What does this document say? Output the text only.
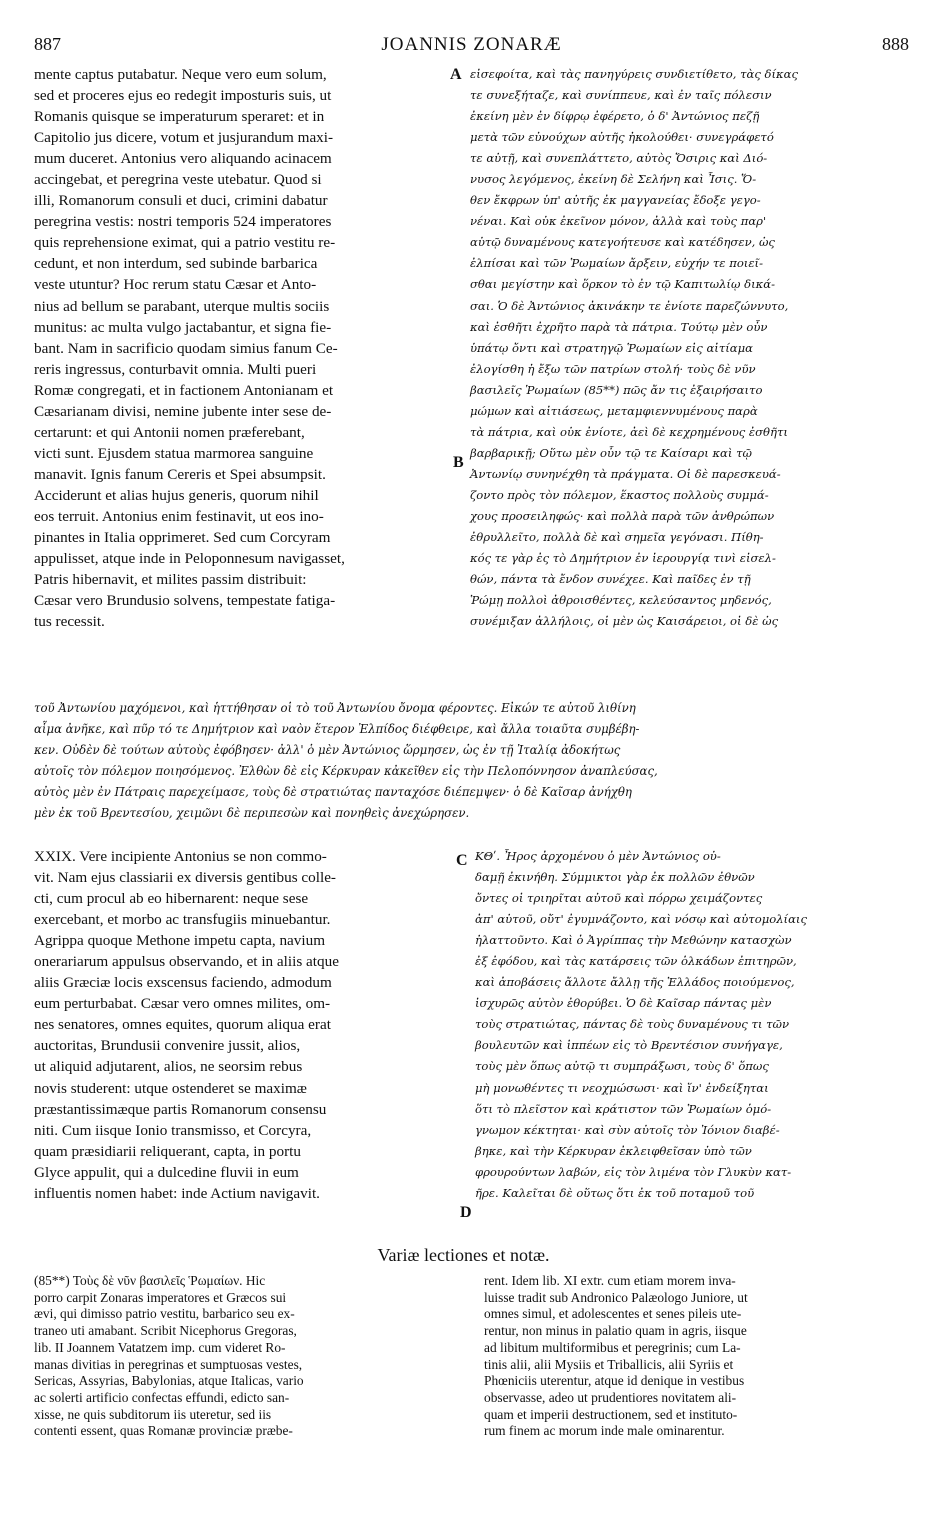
887	JOANNIS ZONARÆ	888
mente captus putabatur. Neque vero eum solum,
sed et proceres ejus eo redegit imposturis suis, ut
Romanis quisque se imperaturum speraret: et in
Capitolio jus dicere, votum et jusjurandum maxi-
mum duceret. Antonius vero aliquando acinacem
accingebat, et peregrina veste utebatur. Quod si
illi, Romanorum consuli et duci, crimini dabatur
peregrina vestis: nostri temporis 524 imperatores
quis reprehensione eximat, qui a patrio vestitu re-
cedunt, et non interdum, sed subinde barbarica
veste utuntur? Hoc rerum statu Cæsar et Anto-
nius ad bellum se parabant, uterque multis sociis
munitus: ac multa vulgo jactabantur, et signa fie-
bant. Nam in sacrificio quodam simius fanum Ce-
reris ingressus, conturbavit omnia. Multi pueri
Romæ congregati, et in factionem Antonianam et
Cæsarianam divisi, nemine jubente inter sese de-
certarunt: et qui Antonii nomen præferebant,
victi sunt. Ejusdem statua marmorea sanguine
manavit. Ignis fanum Cereris et Spei absumpsit.
Acciderunt et alias hujus generis, quorum nihil
eos terruit. Antonius enim festinavit, ut eos ino-
pinantes in Italia opprimeret. Sed cum Corcyram
appulisset, atque inde in Peloponnesum navigasset,
Patris hibernavit, et milites passim distribuit:
Cæsar vero Brundusio solvens, tempestate fatiga-
tus recessit.
A εἰσεφοίτα, καὶ τὰς πανηγύρεις συνδιετίθετο, τὰς δίκας
τε συνεξήταζε, καὶ συνίππευε, καὶ ἐν ταῖς πόλεσιν
ἐκείνη μὲν ἐν δίφρῳ ἐφέρετο, ὁ δ' Ἀντώνιος πεζῇ
μετὰ τῶν εὐνούχων αὐτῆς ἠκολούθει· συνεγράφετό
τε αὐτῇ, καὶ συνεπλάττετο, αὐτὸς Ὄσιρις καὶ Διό-
νυσος λεγόμενος, ἐκείνη δὲ Σελήνη καὶ Ἶσις. Ὅ-
θεν ἔκφρων ὑπ' αὐτῆς ἐκ μαγγανείας ἔδοξε γεγο-
νέναι. Καὶ οὐκ ἐκεῖνον μόνον, ἀλλὰ καὶ τοὺς παρ'
αὐτῷ δυναμένους κατεγοήτευσε καὶ κατέδησεν, ὡς
ἐλπίσαι καὶ τῶν Ῥωμαίων ἄρξειν, εὐχήν τε ποιεῖ-
σθαι μεγίστην καὶ ὅρκον τὸ ἐν τῷ Καπιτωλίῳ δικά-
σαι. Ὁ δὲ Ἀντώνιος ἀκινάκην τε ἐνίοτε παρεζώννυτο,
καὶ ἐσθῆτι ἐχρῆτο παρὰ τὰ πάτρια. Τούτῳ μὲν οὖν
ὑπάτῳ ὄντι καὶ στρατηγῷ Ῥωμαίων εἰς αἰτίαμα
ἐλογίσθη ἡ ἔξω τῶν πατρίων στολή· τοὺς δὲ νῦν
βασιλεῖς Ῥωμαίων (85**) πῶς ἄν τις ἐξαιρήσαιτο
μώμων καὶ αἰτιάσεως, μεταμφιεννυμένους παρὰ
τὰ πάτρια, καὶ οὐκ ἐνίοτε, ἀεὶ δὲ κεχρημένους ἐσθῆτι
βαρβαρικῇ; Οὕτω μὲν οὖν τῷ τε Καίσαρι καὶ τῷ
Ἀντωνίῳ συνηνέχθη τὰ πράγματα. Οἱ δὲ παρεσκευά-
ζοντο πρὸς τὸν πόλεμον, ἕκαστος πολλοὺς συμμά-
χους προσειληφώς· καὶ πολλὰ παρὰ τῶν ἀνθρώπων
ἐθρυλλεῖτο, πολλὰ δὲ καὶ σημεῖα γεγόνασι. Πίθη-
κός τε γὰρ ἐς τὸ Δημήτριον ἐν ἱερουργίᾳ τινὶ εἰσελ-
θών, πάντα τὰ ἔνδον συνέχεε. Καὶ παῖδες ἐν τῇ
Ῥώμῃ πολλοὶ ἀθροισθέντες, κελεύσαντος μηδενός,
συνέμιξαν ἀλλήλοις, οἱ μὲν ὡς Καισάρειοι, οἱ δὲ ὡς
B
τοῦ Ἀντωνίου μαχόμενοι, καὶ ἡττήθησαν οἱ τὸ τοῦ Ἀντωνίου ὄνομα φέροντες. Εἰκών τε αὐτοῦ λιθίνη
αἷμα ἀνῆκε, καὶ πῦρ τό τε Δημήτριον καὶ ναὸν ἕτερον Ἐλπίδος διέφθειρε, καὶ ἄλλα τοιαῦτα συμβέβη-
κεν. Οὐδὲν δὲ τούτων αὐτοὺς ἐφόβησεν· ἀλλ' ὁ μὲν Ἀντώνιος ὥρμησεν, ὡς ἐν τῇ Ἰταλίᾳ ἀδοκήτως
αὐτοῖς τὸν πόλεμον ποιησόμενος. Ἐλθὼν δὲ εἰς Κέρκυραν κἀκεῖθεν εἰς τὴν Πελοπόννησον ἀναπλεύσας,
αὐτὸς μὲν ἐν Πάτραις παρεχείμασε, τοὺς δὲ στρατιώτας πανταχόσε διέπεμψεν· ὁ δὲ Καῖσαρ ἀνήχθη
μὲν ἐκ τοῦ Βρεντεσίου, χειμῶνι δὲ περιπεσὼν καὶ πονηθεὶς ἀνεχώρησεν.
XXIX. Vere incipiente Antonius se non commo-
vit. Nam ejus classiarii ex diversis gentibus colle-
cti, cum procul ab eo hibernarent: neque sese
exercebant, et morbo ac transfugiis minuebantur.
Agrippa quoque Methone impetu capta, navium
onerariarum appulsus observando, et in aliis atque
aliis Græciæ locis exscensus faciendo, admodum
eum perturbabat. Cæsar vero omnes milites, om-
nes senatores, omnes equites, quorum aliqua erat
auctoritas, Brundusii convenire jussit, alios,
ut aliquid adjutarent, alios, ne seorsim rebus
novis studerent: utque ostenderet se maximæ
præstantissimæque partis Romanorum consensu
niti. Cum iisque Ionio transmisso, et Corcyra,
quam præsidiarii reliquerant, capta, in portu
Glyce appulit, qui a dulcedine fluvii in eum
influentis nomen habet: inde Actium navigavit.
C ΚΘʹ. Ἦρος ἀρχομένου ὁ μὲν Ἀντώνιος οὐ-
δαμῇ ἐκινήθη. Σύμμικτοι γὰρ ἐκ πολλῶν ἐθνῶν
ὄντες οἱ τριηρῖται αὐτοῦ καὶ πόρρω χειμάζοντες
ἀπ' αὐτοῦ, οὔτ' ἐγυμνάζοντο, καὶ νόσῳ καὶ αὐτομολίαις
ἠλαττοῦντο. Καὶ ὁ Ἀγρίππας τὴν Μεθώνην κατασχὼν
ἐξ ἐφόδου, καὶ τὰς κατάρσεις τῶν ὁλκάδων ἐπιτηρῶν,
καὶ ἀποβάσεις ἄλλοτε ἄλλῃ τῆς Ἑλλάδος ποιούμενος,
ἰσχυρῶς αὐτὸν ἐθορύβει. Ὁ δὲ Καῖσαρ πάντας μὲν
τοὺς στρατιώτας, πάντας δὲ τοὺς δυναμένους τι τῶν
βουλευτῶν καὶ ἱππέων εἰς τὸ Βρεντέσιον συνήγαγε,
τοὺς μὲν ὅπως αὐτῷ τι συμπράξωσι, τοὺς δ' ὅπως
μὴ μονωθέντες τι νεοχμώσωσι· καὶ ἵν' ἐνδείξηται
ὅτι τὸ πλεῖστον καὶ κράτιστον τῶν Ῥωμαίων ὁμό-
γνωμον κέκτηται· καὶ σὺν αὐτοῖς τὸν Ἰόνιον διαβέ-
βηκε, καὶ τὴν Κέρκυραν ἐκλειφθεῖσαν ὑπὸ τῶν
φρουρούντων λαβών, εἰς τὸν λιμένα τὸν Γλυκὺν κατ-
ῆρε. Καλεῖται δὲ οὕτως ὅτι ἐκ τοῦ ποταμοῦ τοῦ
D
Variæ lectiones et notæ.
(85**) Τοὺς δὲ νῦν βασιλεῖς Ῥωμαίων. Hic
porro carpit Zonaras imperatores et Græcos sui
ævi, qui dimisso patrio vestitu, barbarico seu ex-
traneo uti amabant. Scribit Nicephorus Gregoras,
lib. II Joannem Vatatzem imp. cum videret Ro-
manas divitias in peregrinas et sumptuosas vestes,
Sericas, Assyrias, Babylonias, atque Italicas, vario
ac solerti artificio confectas effundi, edicto san-
xisse, ne quis subditorum iis uteretur, sed iis
contenti essent, quas Romanæ provinciæ præbe-
rent. Idem lib. XI extr. cum etiam morem inva-
luisse tradit sub Andronico Palæologo Juniore, ut
omnes simul, et adolescentes et senes pileis ute-
rentur, non minus in palatio quam in agris, iisque
ad libitum multiformibus et peregrinis; cum La-
tinis alii, alii Mysiis et Triballicis, alii Syriis et
Phœniciis uterentur, atque id denique in vestibus
observasse, adeo ut prudentiores novitatem ali-
quam et imperii destructionem, sed et instituto-
rum finem ac morum inde male ominarentur.
